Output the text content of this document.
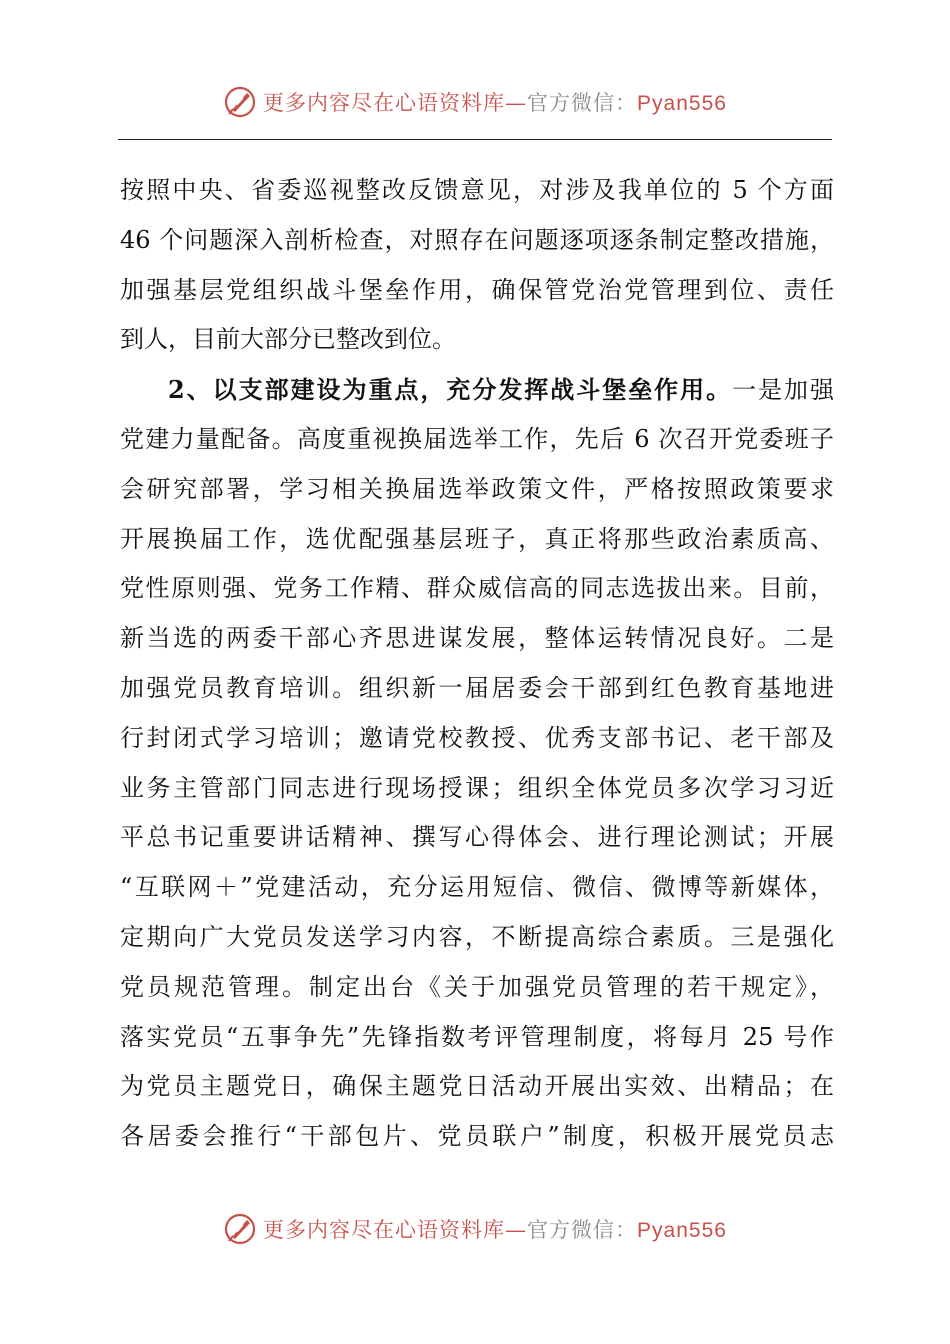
更多内容尽在心语资料库—官方微信：Pyan556
按照中央、省委巡视整改反馈意见，对涉及我单位的 5 个方面
46 个问题深入剖析检查，对照存在问题逐项逐条制定整改措施，
加强基层党组织战斗堡垒作用，确保管党治党管理到位、责任
到人，目前大部分已整改到位。
2、以支部建设为重点，充分发挥战斗堡垒作用。一是加强
党建力量配备。高度重视换届选举工作，先后 6 次召开党委班子
会研究部署，学习相关换届选举政策文件，严格按照政策要求
开展换届工作，选优配强基层班子，真正将那些政治素质高、
党性原则强、党务工作精、群众威信高的同志选拔出来。目前，
新当选的两委干部心齐思进谋发展，整体运转情况良好。二是
加强党员教育培训。组织新一届居委会干部到红色教育基地进
行封闭式学习培训；邀请党校教授、优秀支部书记、老干部及
业务主管部门同志进行现场授课；组织全体党员多次学习习近
平总书记重要讲话精神、撰写心得体会、进行理论测试；开展
“互联网＋”党建活动，充分运用短信、微信、微博等新媒体，
定期向广大党员发送学习内容，不断提高综合素质。三是强化
党员规范管理。制定出台《关于加强党员管理的若干规定》，
落实党员“五事争先”先锋指数考评管理制度，将每月 25 号作
为党员主题党日，确保主题党日活动开展出实效、出精品；在
各居委会推行“干部包片、党员联户”制度，积极开展党员志
更多内容尽在心语资料库—官方微信：Pyan556
